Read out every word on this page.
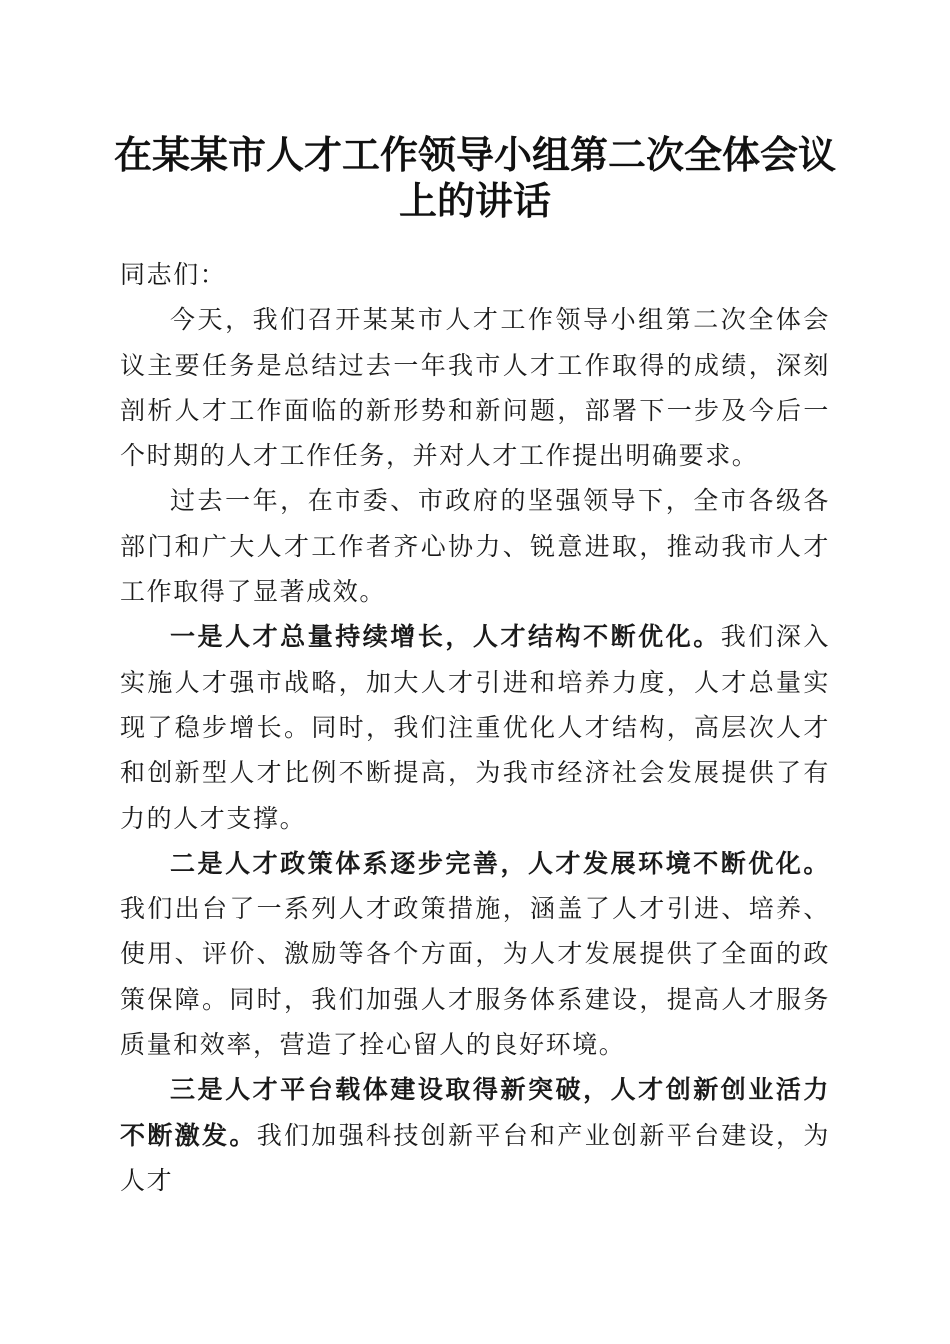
在某某市人才工作领导小组第二次全体会议上的讲话

同志们：

今天，我们召开某某市人才工作领导小组第二次全体会议主要任务是总结过去一年我市人才工作取得的成绩，深刻剖析人才工作面临的新形势和新问题，部署下一步及今后一个时期的人才工作任务，并对人才工作提出明确要求。

过去一年，在市委、市政府的坚强领导下，全市各级各部门和广大人才工作者齐心协力、锐意进取，推动我市人才工作取得了显著成效。

一是人才总量持续增长，人才结构不断优化。我们深入实施人才强市战略，加大人才引进和培养力度，人才总量实现了稳步增长。同时，我们注重优化人才结构，高层次人才和创新型人才比例不断提高，为我市经济社会发展提供了有力的人才支撑。

二是人才政策体系逐步完善，人才发展环境不断优化。我们出台了一系列人才政策措施，涵盖了人才引进、培养、使用、评价、激励等各个方面，为人才发展提供了全面的政策保障。同时，我们加强人才服务体系建设，提高人才服务质量和效率，营造了拴心留人的良好环境。

三是人才平台载体建设取得新突破，人才创新创业活力不断激发。我们加强科技创新平台和产业创新平台建设，为人才
